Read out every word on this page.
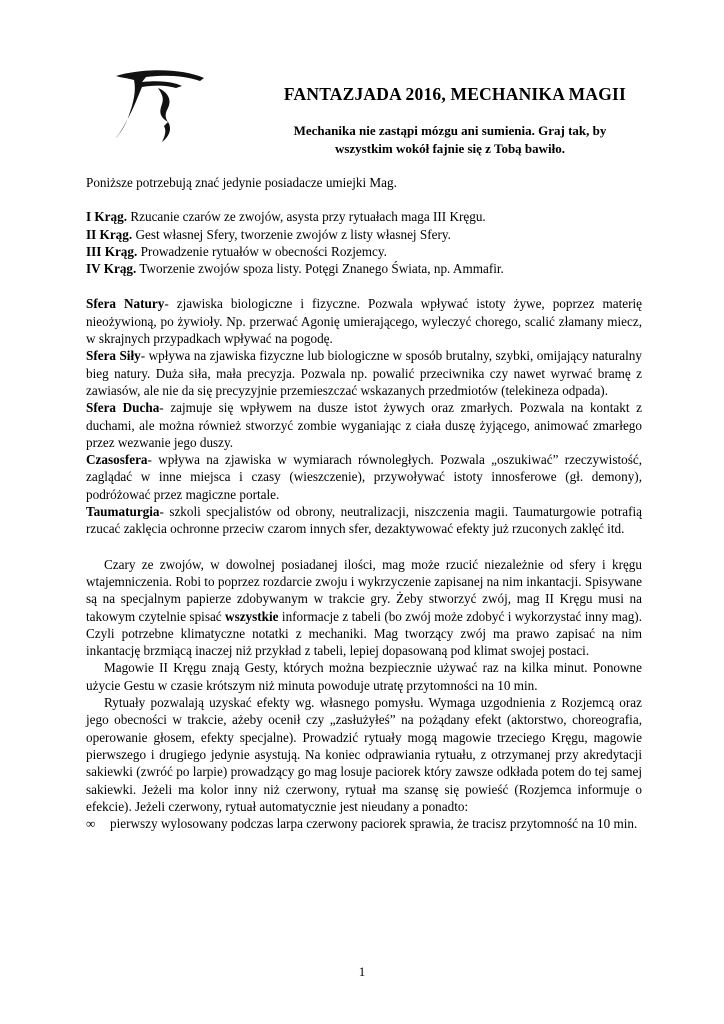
FANTAZJADA 2016, MECHANIKA MAGII
Mechanika nie zastąpi mózgu ani sumienia. Graj tak, by
wszystkim wokół fajnie się z Tobą bawiło.

Poniższe potrzebują znać jedynie posiadacze umiejki Mag.

I Krąg. Rzucanie czarów ze zwojów, asysta przy rytuałach maga III Kręgu.

II Krąg. Gest własnej Sfery, tworzenie zwojów z listy własnej Sfery.

III Krąg. Prowadzenie rytuałów w obecności Rozjemcy.

IV Krąg. Tworzenie zwojów spoza listy. Potęgi Znanego Świata, np. Ammafir.

Sfera Natury- zjawiska biologiczne i fizyczne. Pozwala wpływać istoty żywe, poprzez materię nieożywioną, po żywioły. Np. przerwać Agonię umierającego, wyleczyć chorego, scalić złamany miecz, w skrajnych przypadkach wpływać na pogodę.

Sfera Siły- wpływa na zjawiska fizyczne lub biologiczne w sposób brutalny, szybki, omijający naturalny bieg natury. Duża siła, mała precyzja. Pozwala np. powalić przeciwnika czy nawet wyrwać bramę z zawiasów, ale nie da się precyzyjnie przemieszczać wskazanych przedmiotów (telekineza odpada).

Sfera Ducha- zajmuje się wpływem na dusze istot żywych oraz zmarłych. Pozwala na kontakt z duchami, ale można również stworzyć zombie wyganiając z ciała duszę żyjącego, animować zmarłego przez wezwanie jego duszy.

Czasosfera- wpływa na zjawiska w wymiarach równoległych. Pozwala „oszukiwać” rzeczywistość, zaglądać w inne miejsca i czasy (wieszczenie), przywoływać istoty innosferowe (gł. demony), podróżować przez magiczne portale.

Taumaturgia- szkoli specjalistów od obrony, neutralizacji, niszczenia magii. Taumaturgowie potrafią rzucać zaklęcia ochronne przeciw czarom innych sfer, dezaktywować efekty już rzuconych zaklęć itd.

Czary ze zwojów, w dowolnej posiadanej ilości, mag może rzucić niezależnie od sfery i kręgu wtajemniczenia. Robi to poprzez rozdarcie zwoju i wykrzyczenie zapisanej na nim inkantacji. Spisywane są na specjalnym papierze zdobywanym w trakcie gry. Żeby stworzyć zwój, mag II Kręgu musi na takowym czytelnie spisać wszystkie informacje z tabeli (bo zwój może zdobyć i wykorzystać inny mag). Czyli potrzebne klimatyczne notatki z mechaniki. Mag tworzący zwój ma prawo zapisać na nim inkantację brzmiącą inaczej niż przykład z tabeli, lepiej dopasowaną pod klimat swojej postaci.

Magowie II Kręgu znają Gesty, których można bezpiecznie używać raz na kilka minut. Ponowne użycie Gestu w czasie krótszym niż minuta powoduje utratę przytomności na 10 min.

Rytuały pozwalają uzyskać efekty wg. własnego pomysłu. Wymaga uzgodnienia z Rozjemcą oraz jego obecności w trakcie, ażeby ocenił czy „zasłużyłeś” na pożądany efekt (aktorstwo, choreografia, operowanie głosem, efekty specjalne). Prowadzić rytuały mogą magowie trzeciego Kręgu, magowie pierwszego i drugiego jedynie asystują. Na koniec odprawiania rytuału, z otrzymanej przy akredytacji sakiewki (zwróć po larpie) prowadzący go mag losuje paciorek który zawsze odkłada potem do tej samej sakiewki. Jeżeli ma kolor inny niż czerwony, rytuał ma szansę się powieść (Rozjemca informuje o efekcie). Jeżeli czerwony, rytuał automatycznie jest nieudany a ponadto:

∞ pierwszy wylosowany podczas larpa czerwony paciorek sprawia, że tracisz przytomność na 10 min.

1
